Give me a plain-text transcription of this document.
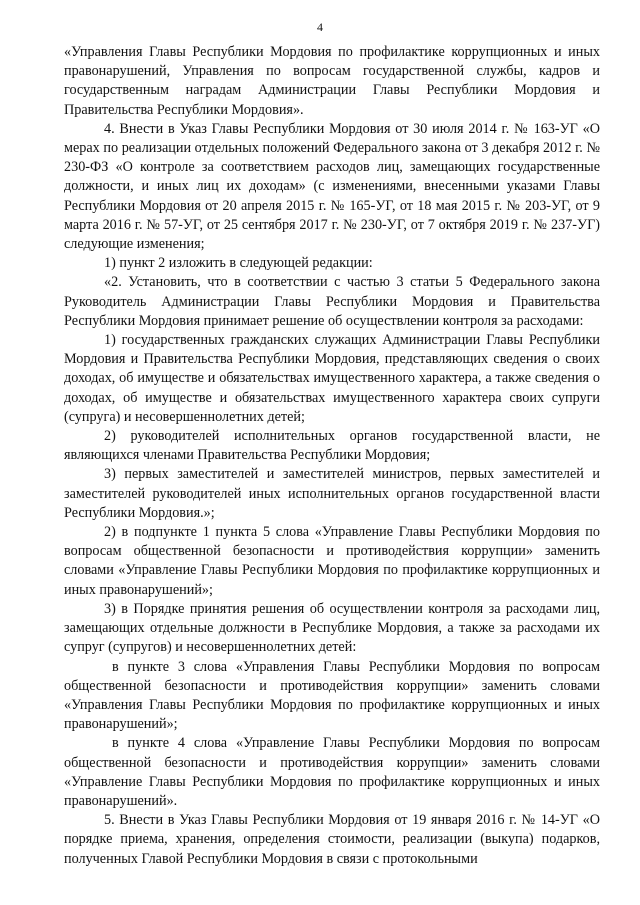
4

«Управления Главы Республики Мордовия по профилактике коррупционных и иных правонарушений, Управления по вопросам государственной службы, кадров и государственным наградам Администрации Главы Республики Мордовия и Правительства Республики Мордовия».

4. Внести в Указ Главы Республики Мордовия от 30 июля 2014 г. № 163-УГ «О мерах по реализации отдельных положений Федерального закона от 3 декабря 2012 г. № 230-ФЗ «О контроле за соответствием расходов лиц, замещающих государственные должности, и иных лиц их доходам» (с изменениями, внесенными указами Главы Республики Мордовия от 20 апреля 2015 г. № 165-УГ, от 18 мая 2015 г. № 203-УГ, от 9 марта 2016 г. № 57-УГ, от 25 сентября 2017 г. № 230-УГ, от 7 октября 2019 г. № 237-УГ) следующие изменения;

1) пункт 2 изложить в следующей редакции:

«2. Установить, что в соответствии с частью 3 статьи 5 Федерального закона Руководитель Администрации Главы Республики Мордовия и Правительства Республики Мордовия принимает решение об осуществлении контроля за расходами:

1) государственных гражданских служащих Администрации Главы Республики Мордовия и Правительства Республики Мордовия, представляющих сведения о своих доходах, об имуществе и обязательствах имущественного характера, а также сведения о доходах, об имуществе и обязательствах имущественного характера своих супруги (супруга) и несовершеннолетних детей;

2) руководителей исполнительных органов государственной власти, не являющихся членами Правительства Республики Мордовия;

3) первых заместителей и заместителей министров, первых заместителей и заместителей руководителей иных исполнительных органов государственной власти Республики Мордовия.»;

2) в подпункте 1 пункта 5 слова «Управление Главы Республики Мордовия по вопросам общественной безопасности и противодействия коррупции» заменить словами «Управление Главы Республики Мордовия по профилактике коррупционных и иных правонарушений»;

3) в Порядке принятия решения об осуществлении контроля за расходами лиц, замещающих отдельные должности в Республике Мордовия, а также за расходами их супруг (супругов) и несовершеннолетних детей:

в пункте 3 слова «Управления Главы Республики Мордовия по вопросам общественной безопасности и противодействия коррупции» заменить словами «Управления Главы Республики Мордовия по профилактике коррупционных и иных правонарушений»;

в пункте 4 слова «Управление Главы Республики Мордовия по вопросам общественной безопасности и противодействия коррупции» заменить словами «Управление Главы Республики Мордовия по профилактике коррупционных и иных правонарушений».

5. Внести в Указ Главы Республики Мордовия от 19 января 2016 г. № 14-УГ «О порядке приема, хранения, определения стоимости, реализации (выкупа) подарков, полученных Главой Республики Мордовия в связи с протокольными
